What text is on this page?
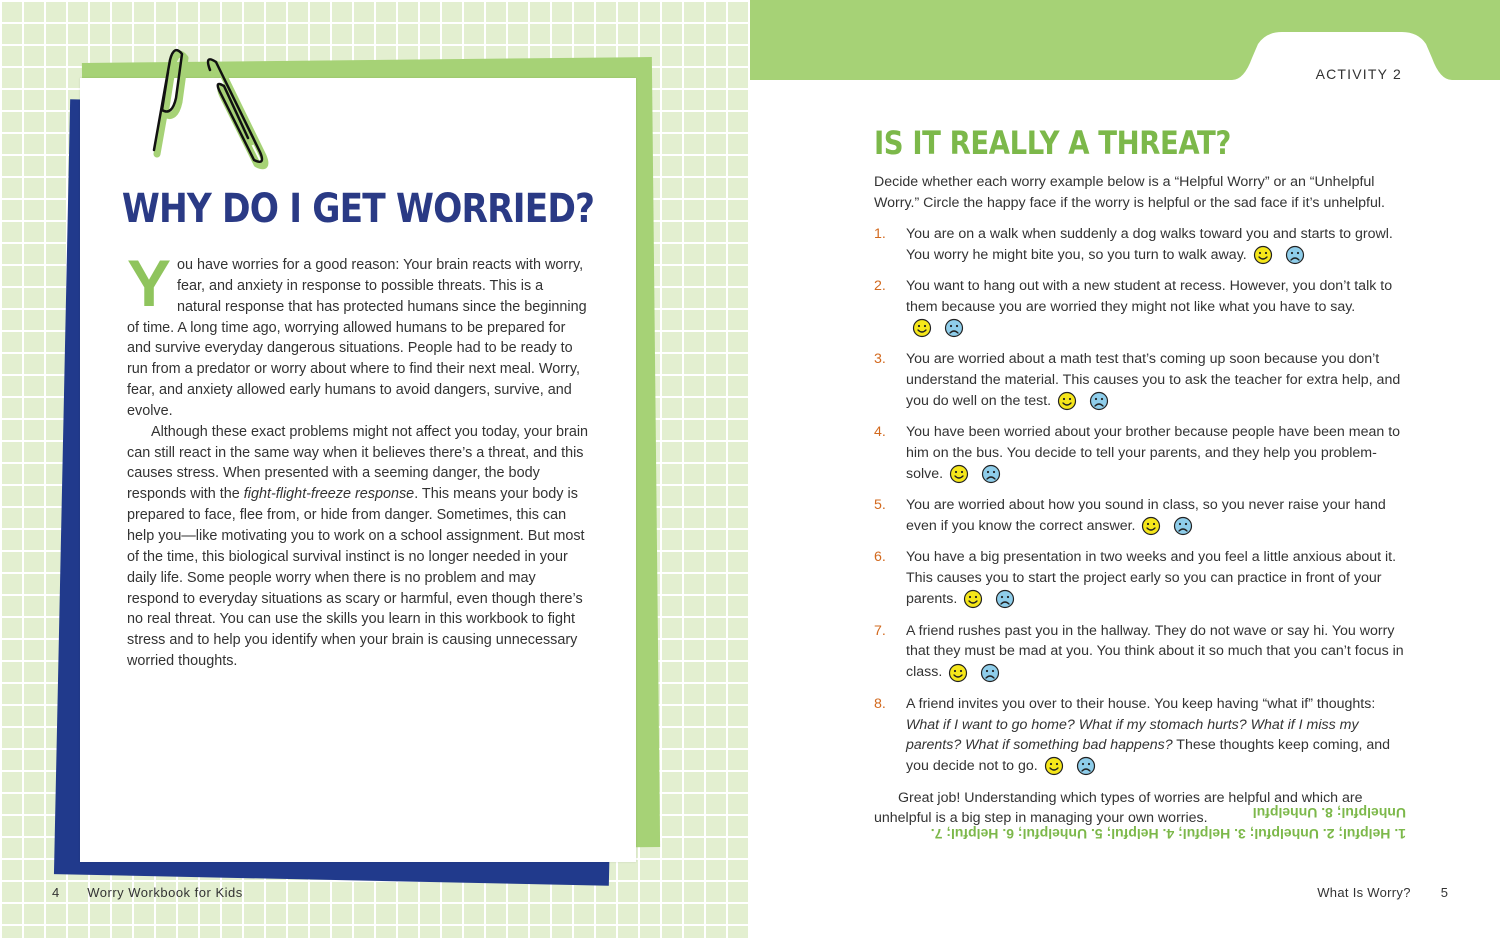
WHY DO I GET WORRIED?

You have worries for a good reason: Your brain reacts with worry, fear, and anxiety in response to possible threats. This is a natural response that has protected humans since the beginning of time. A long time ago, worrying allowed humans to be prepared for and survive everyday dangerous situations. People had to be ready to run from a predator or worry about where to find their next meal. Worry, fear, and anxiety allowed early humans to avoid dangers, survive, and evolve.

Although these exact problems might not affect you today, your brain can still react in the same way when it believes there’s a threat, and this causes stress. When presented with a seeming danger, the body responds with the fight-flight-freeze response. This means your body is prepared to face, flee from, or hide from danger. Sometimes, this can help you—like motivating you to work on a school assignment. But most of the time, this biological survival instinct is no longer needed in your daily life. Some people worry when there is no problem and may respond to everyday situations as scary or harmful, even though there’s no real threat. You can use the skills you learn in this workbook to fight stress and to help you identify when your brain is causing unnecessary worried thoughts.

4 Worry Workbook for Kids
ACTIVITY 2
IS IT REALLY A THREAT?

Decide whether each worry example below is a “Helpful Worry” or an “Unhelpful Worry.” Circle the happy face if the worry is helpful or the sad face if it’s unhelpful.

1. You are on a walk when suddenly a dog walks toward you and starts to growl. You worry he might bite you, so you turn to walk away.

2. You want to hang out with a new student at recess. However, you don’t talk to them because you are worried they might not like what you have to say.

3. You are worried about a math test that’s coming up soon because you don’t understand the material. This causes you to ask the teacher for extra help, and you do well on the test.

4. You have been worried about your brother because people have been mean to him on the bus. You decide to tell your parents, and they help you problem-solve.

5. You are worried about how you sound in class, so you never raise your hand even if you know the correct answer.

6. You have a big presentation in two weeks and you feel a little anxious about it. This causes you to start the project early so you can practice in front of your parents.

7. A friend rushes past you in the hallway. They do not wave or say hi. You worry that they must be mad at you. You think about it so much that you can’t focus in class.

8. A friend invites you over to their house. You keep having “what if” thoughts: What if I want to go home? What if my stomach hurts? What if I miss my parents? What if something bad happens? These thoughts keep coming, and you decide not to go.

Great job! Understanding which types of worries are helpful and which are unhelpful is a big step in managing your own worries.

1. Helpful; 2. Unhelpful; 3. Helpful; 4. Helpful; 5. Unhelpful; 6. Helpful; 7. Unhelpful; 8. Unhelpful
What Is Worry? 5
